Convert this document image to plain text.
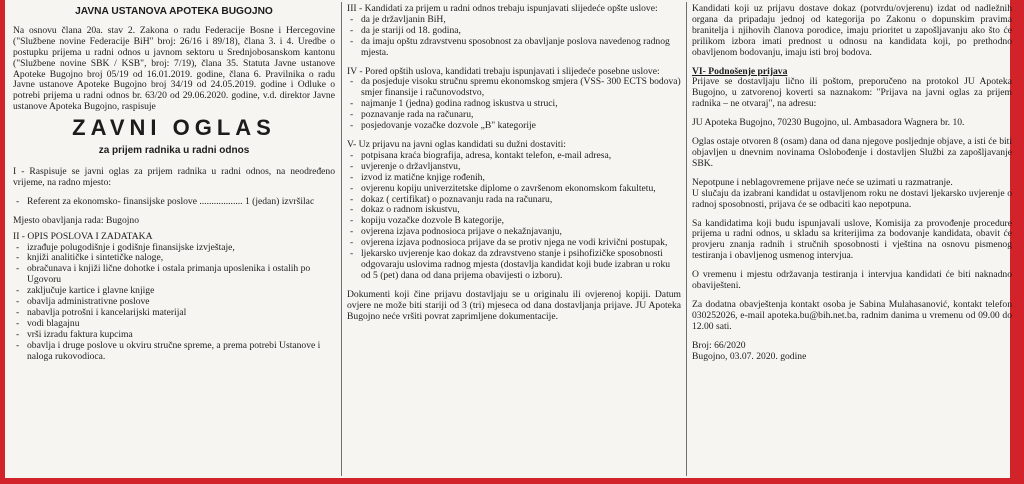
JAVNA USTANOVA APOTEKA BUGOJNO

Na osnovu člana 20a. stav 2. Zakona o radu Federacije Bosne i Hercegovine ("Službene novine Federacije BiH" broj: 26/16 i 89/18), člana 3. i 4. Uredbe o postupku prijema u radni odnos u javnom sektoru u Srednjobosanskom kantonu ("Službene novine SBK / KSB", broj: 7/19), člana 35. Statuta Javne ustanove Apoteke Bugojno broj 05/19 od 16.01.2019. godine, člana 6. Pravilnika o radu Javne ustanove Apoteke Bugojno broj 34/19 od 24.05.2019. godine i Odluke o potrebi prijema u radni odnos br. 63/20 od 29.06.2020. godine, v.d. direktor Javne ustanove Apoteka Bugojno, raspisuje

ZAVNI OGLAS

za prijem radnika u radni odnos

I - Raspisuje se javni oglas za prijem radnika u radni odnos, na neodređeno vrijeme, na radno mjesto:

- Referent za ekonomsko- finansijske poslove .................. 1 (jedan) izvršilac

Mjesto obavljanja rada: Bugojno

II - OPIS POSLOVA I ZADATAKA

- izrađuje polugodišnje i godišnje finansijske izvještaje,
- knjiži analitičke i sintetičke naloge,
- obračunava i knjiži lične dohotke i ostala primanja uposlenika i ostalih po Ugovoru
- zaključuje kartice i glavne knjige
- obavlja administrativne poslove
- nabavlja potrošni i kancelarijski materijal
- vodi blagajnu
- vrši izradu faktura kupcima
- obavlja i druge poslove u okviru stručne spreme, a prema potrebi Ustanove i naloga rukovodioca.

III - Kandidati za prijem u radni odnos trebaju ispunjavati slijedeće opšte uslove:

- da je državljanin BiH,
- da je stariji od 18. godina,
- da imaju opštu zdravstvenu sposobnost za obavljanje poslova navedenog radnog mjesta.

IV - Pored opštih uslova, kandidati trebaju ispunjavati i slijedeće posebne uslove:

- da posjeduje visoku stručnu spremu ekonomskog smjera (VSS- 300 ECTS bodova) smjer finansije i računovodstvo,
- najmanje 1 (jedna) godina radnog iskustva u struci,
- poznavanje rada na računaru,
- posjedovanje vozačke dozvole „B" kategorije

V- Uz prijavu na javni oglas kandidati su dužni dostaviti:

- potpisana kraća biografija, adresa, kontakt telefon, e-mail adresa,
- uvjerenje o državljanstvu,
- izvod iz matične knjige rođenih,
- ovjerenu kopiju univerzitetske diplome o završenom ekonomskom fakultetu,
- dokaz ( certifikat) o poznavanju rada na računaru,
- dokaz o radnom iskustvu,
- kopiju vozačke dozvole B kategorije,
- ovjerena izjava podnosioca prijave o nekažnjavanju,
- ovjerena izjava podnosioca prijave da se protiv njega ne vodi krivični postupak,
- ljekarsko uvjerenje kao dokaz da zdravstveno stanje i psihofizičke sposobnosti odgovaraju uslovima radnog mjesta (dostavlja kandidat koji bude izabran u roku od 5 (pet) dana od dana prijema obavijesti o izboru).

Dokumenti koji čine prijavu dostavljaju se u originalu ili ovjerenoj kopiji. Datum ovjere ne može biti stariji od 3 (tri) mjeseca od dana dostavljanja prijave. JU Apoteka Bugojno neće vršiti povrat zaprimljene dokumentacije.

Kandidati koji uz prijavu dostave dokaz (potvrdu/ovjerenu) izdat od nadležnih organa da pripadaju jednoj od kategorija po Zakonu o dopunskim pravima branitelja i njihovih članova porodice, imaju prioritet u zapošljavanju ako što će prilikom izbora imati prednost u odnosu na kandidata koji, po prethodno obavljenom bodovanju, imaju isti broj bodova.

VI- Podnošenje prijava

Prijave se dostavljaju lično ili poštom, preporučeno na protokol JU Apoteka Bugojno, u zatvorenoj koverti sa naznakom: "Prijava na javni oglas za prijem radnika – ne otvaraj", na adresu:

JU Apoteka Bugojno, 70230 Bugojno, ul. Ambasadora Wagnera br. 10.

Oglas ostaje otvoren 8 (osam) dana od dana njegove posljednje objave, a isti će biti objavljen u dnevnim novinama Oslobođenje i dostavljen Službi za zapošljavanje SBK.

Nepotpune i neblagovremene prijave neće se uzimati u razmatranje.

U slučaju da izabrani kandidat u ostavljenom roku ne dostavi ljekarsko uvjerenje o radnoj sposobnosti, prijava će se odbaciti kao nepotpuna.

Sa kandidatima koji budu ispunjavali uslove, Komisija za provođenje procedure prijema u radni odnos, u skladu sa kriterijima za bodovanje kandidata, obavit će provjeru znanja radnih i stručnih sposobnosti i vještina na osnovu pismenog testiranja i obavljenog usmenog intervjua.

O vremenu i mjestu održavanja testiranja i intervjua kandidati će biti naknadno obaviješteni.

Za dodatna obavještenja kontakt osoba je Sabina Mulahasanović, kontakt telefon 030252026, e-mail apoteka.bu@bih.net.ba, radnim danima u vremenu od 09.00 do 12.00 sati.

Broj: 66/2020

Bugojno, 03.07. 2020. godine
